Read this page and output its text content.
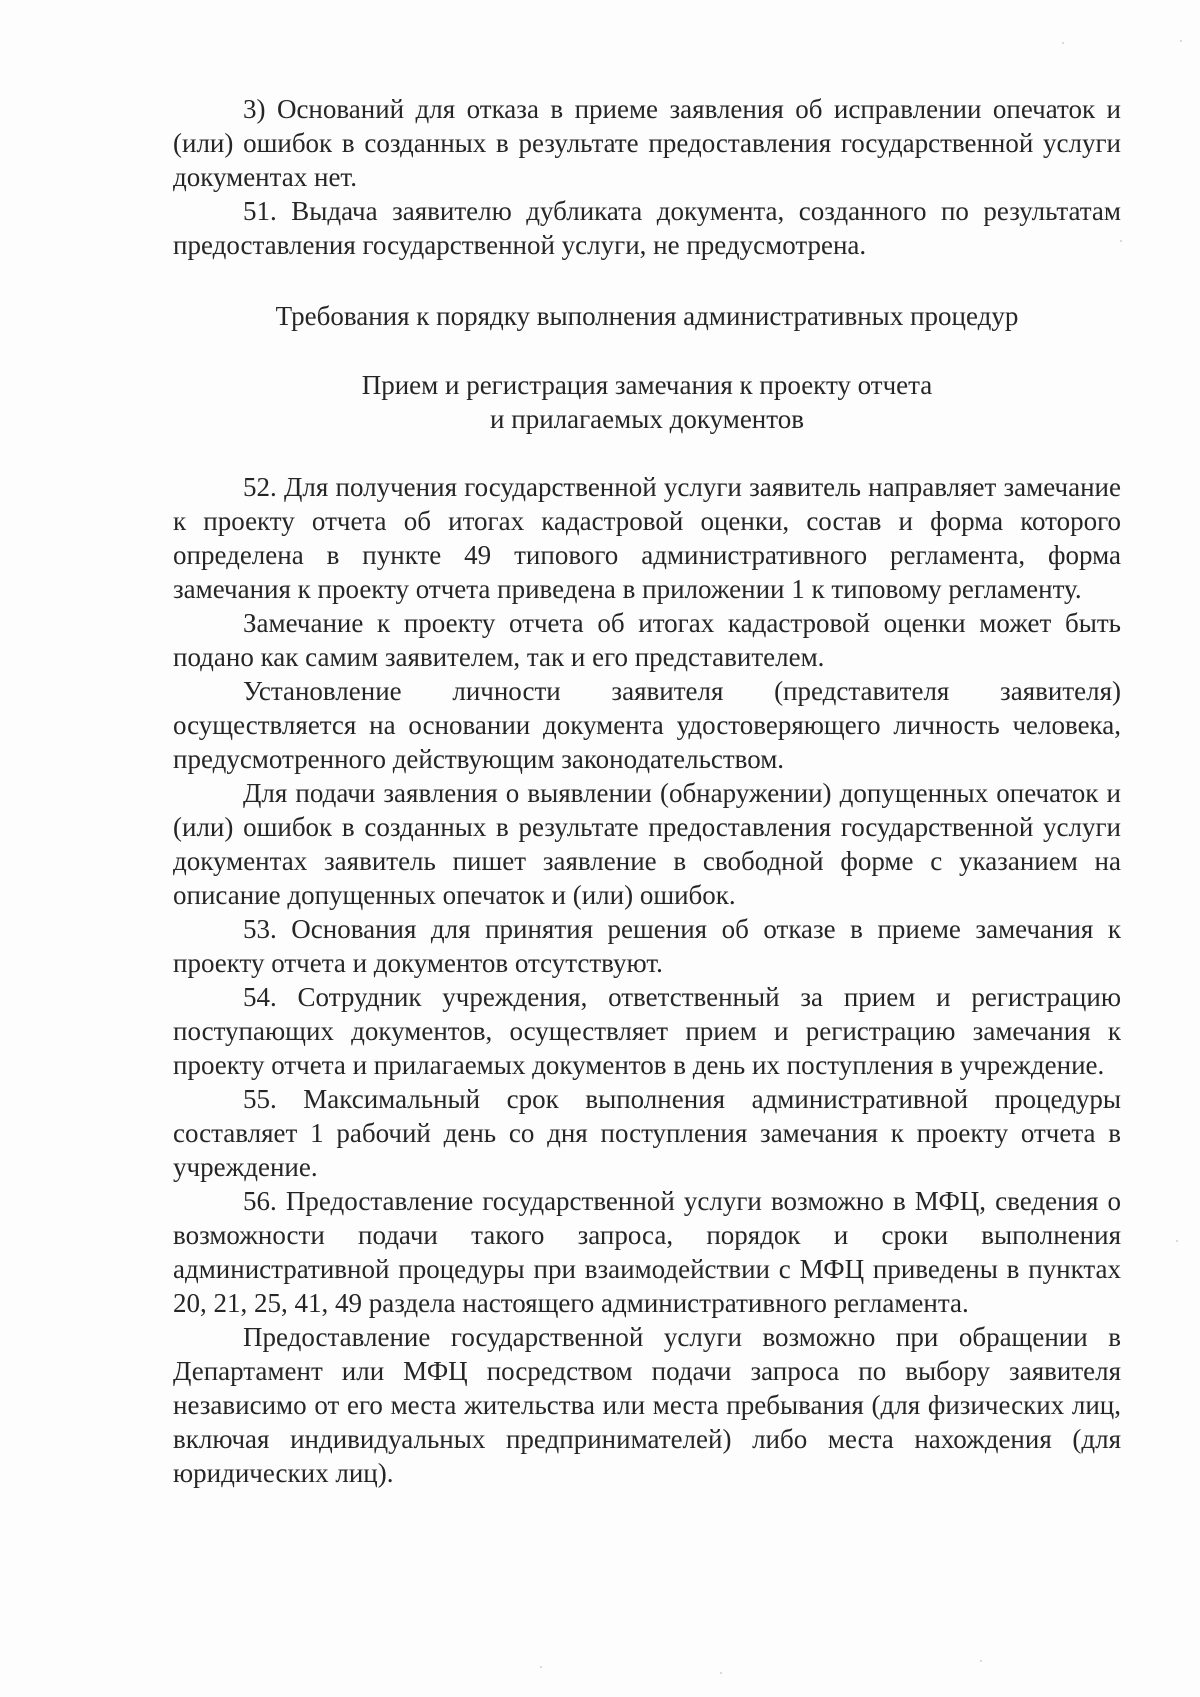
3) Оснований для отказа в приеме заявления об исправлении опечаток и (или) ошибок в созданных в результате предоставления государственной услуги документах нет.

51. Выдача заявителю дубликата документа, созданного по результатам предоставления государственной услуги, не предусмотрена.

Требования к порядку выполнения административных процедур

Прием и регистрация замечания к проекту отчета

и прилагаемых документов

52. Для получения государственной услуги заявитель направляет замечание к проекту отчета об итогах кадастровой оценки, состав и форма которого определена в пункте 49 типового административного регламента, форма замечания к проекту отчета приведена в приложении 1 к типовому регламенту.

Замечание к проекту отчета об итогах кадастровой оценки может быть подано как самим заявителем, так и его представителем.

Установление личности заявителя (представителя заявителя) осуществляется на основании документа удостоверяющего личность человека, предусмотренного действующим законодательством.

Для подачи заявления о выявлении (обнаружении) допущенных опечаток и (или) ошибок в созданных в результате предоставления государственной услуги документах заявитель пишет заявление в свободной форме с указанием на описание допущенных опечаток и (или) ошибок.

53. Основания для принятия решения об отказе в приеме замечания к проекту отчета и документов отсутствуют.

54. Сотрудник учреждения, ответственный за прием и регистрацию поступающих документов, осуществляет прием и регистрацию замечания к проекту отчета и прилагаемых документов в день их поступления в учреждение.

55. Максимальный срок выполнения административной процедуры составляет 1 рабочий день со дня поступления замечания к проекту отчета в учреждение.

56. Предоставление государственной услуги возможно в МФЦ, сведения о возможности подачи такого запроса, порядок и сроки выполнения административной процедуры при взаимодействии с МФЦ приведены в пунктах 20, 21, 25, 41, 49 раздела настоящего административного регламента.

Предоставление государственной услуги возможно при обращении в Департамент или МФЦ посредством подачи запроса по выбору заявителя независимо от его места жительства или места пребывания (для физических лиц, включая индивидуальных предпринимателей) либо места нахождения (для юридических лиц).
